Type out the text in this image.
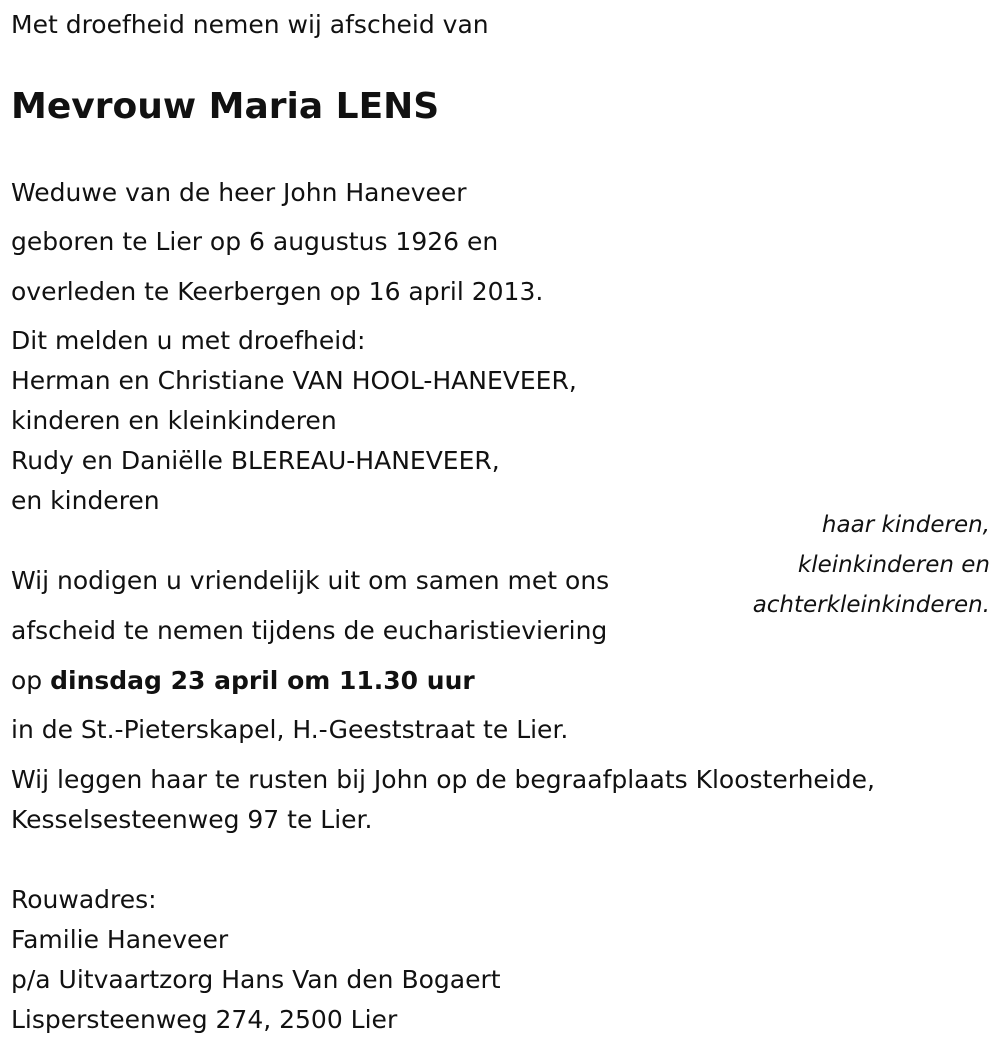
Met droefheid nemen wij afscheid van
Mevrouw Maria LENS
Weduwe van de heer John Haneveer
geboren te Lier op 6 augustus 1926 en
overleden te Keerbergen op 16 april 2013.
Dit melden u met droefheid:
Herman en Christiane VAN HOOL-HANEVEER,
kinderen en kleinkinderen
Rudy en Daniëlle BLEREAU-HANEVEER,
en kinderen
haar kinderen,
kleinkinderen en
achterkleinkinderen.
Wij nodigen u vriendelijk uit om samen met ons
afscheid te nemen tijdens de eucharistieviering
op dinsdag 23 april om 11.30 uur
in de St.-Pieterskapel, H.-Geeststraat te Lier.
Wij leggen haar te rusten bij John op de begraafplaats Kloosterheide,
Kesselsesteenweg 97 te Lier.
Rouwadres:
Familie Haneveer
p/a Uitvaartzorg Hans Van den Bogaert
Lispersteenweg 274, 2500 Lier
